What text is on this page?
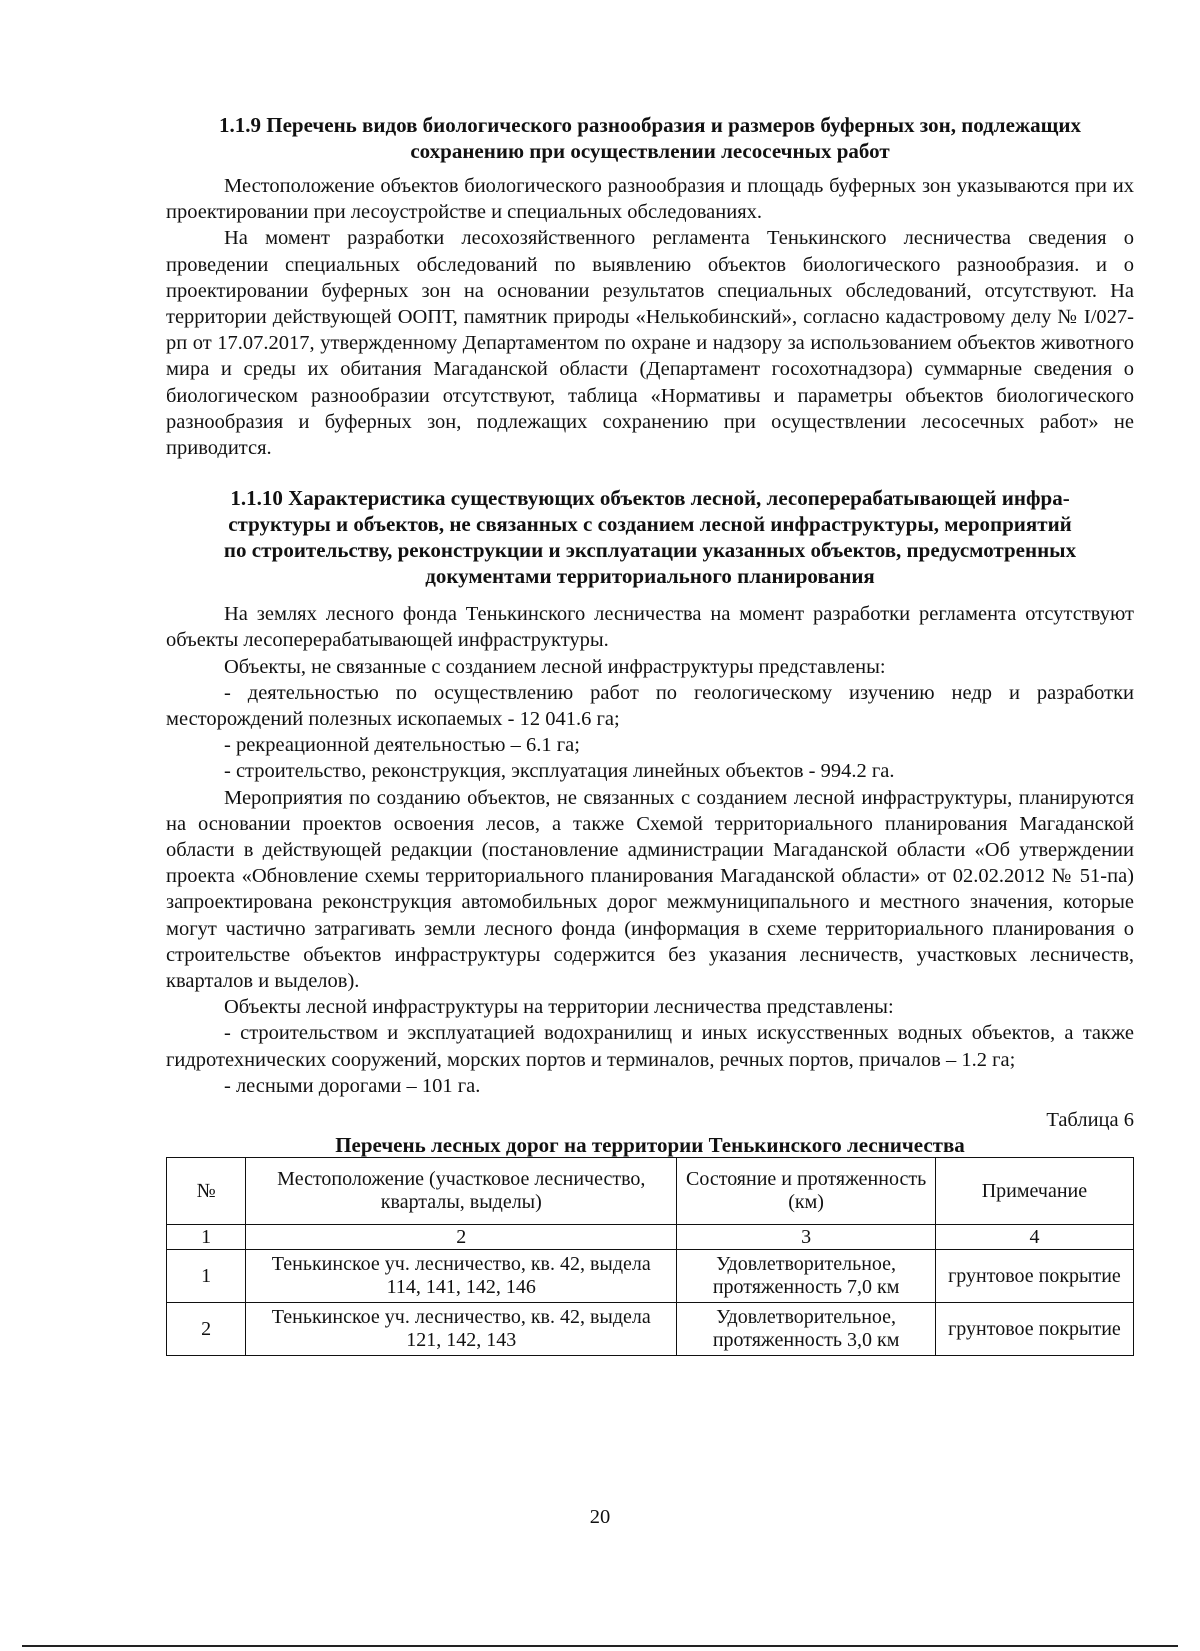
1.1.9 Перечень видов биологического разнообразия и размеров буферных зон, подлежащих
сохранению при осуществлении лесосечных работ

Местоположение объектов биологического разнообразия и площадь буферных зон указываются при их проектировании при лесоустройстве и специальных обследованиях.

На момент разработки лесохозяйственного регламента Тенькинского лесничества сведения о проведении специальных обследований по выявлению объектов биологического разнообразия. и о проектировании буферных зон на основании результатов специальных обследований, отсутствуют. На территории действующей ООПТ, памятник природы «Нелькобинский», согласно кадастровому делу № I/027-рп от 17.07.2017, утвержденному Департаментом по охране и надзору за использованием объектов животного мира и среды их обитания Магаданской области (Департамент госохотнадзора) суммарные сведения о биологическом разнообразии отсутствуют, таблица «Нормативы и параметры объектов биологического разнообразия и буферных зон, подлежащих сохранению при осуществлении лесосечных работ» не приводится.

1.1.10 Характеристика существующих объектов лесной, лесоперерабатывающей инфра-
структуры и объектов, не связанных с созданием лесной инфраструктуры, мероприятий
по строительству, реконструкции и эксплуатации указанных объектов, предусмотренных
документами территориального планирования

На землях лесного фонда Тенькинского лесничества на момент разработки регламента отсутствуют объекты лесоперерабатывающей инфраструктуры.

Объекты, не связанные с созданием лесной инфраструктуры представлены:

- деятельностью по осуществлению работ по геологическому изучению недр и разработки месторождений полезных ископаемых - 12 041.6 га;

- рекреационной деятельностью – 6.1 га;

- строительство, реконструкция, эксплуатация линейных объектов - 994.2 га.

Мероприятия по созданию объектов, не связанных с созданием лесной инфраструктуры, планируются на основании проектов освоения лесов, а также Схемой территориального планирования Магаданской области в действующей редакции (постановление администрации Магаданской области «Об утверждении проекта «Обновление схемы территориального планирования Магаданской области» от 02.02.2012 № 51-па) запроектирована реконструкция автомобильных дорог межмуниципального и местного значения, которые могут частично затрагивать земли лесного фонда (информация в схеме территориального планирования о строительстве объектов инфраструктуры содержится без указания лесничеств, участковых лесничеств, кварталов и выделов).

Объекты лесной инфраструктуры на территории лесничества представлены:

- строительством и эксплуатацией водохранилищ и иных искусственных водных объектов, а также гидротехнических сооружений, морских портов и терминалов, речных портов, причалов – 1.2 га;

- лесными дорогами – 101 га.

Таблица 6

Перечень лесных дорог на территории Тенькинского лесничества

№	Местоположение (участковое лесничество, кварталы, выделы)	Состояние и протяженность (км)	Примечание
1	2	3	4
1	Тенькинское уч. лесничество, кв. 42, выдела 114, 141, 142, 146	Удовлетворительное, протяженность 7,0 км	грунтовое покрытие
2	Тенькинское уч. лесничество, кв. 42, выдела 121, 142, 143	Удовлетворительное, протяженность 3,0 км	грунтовое покрытие
20
